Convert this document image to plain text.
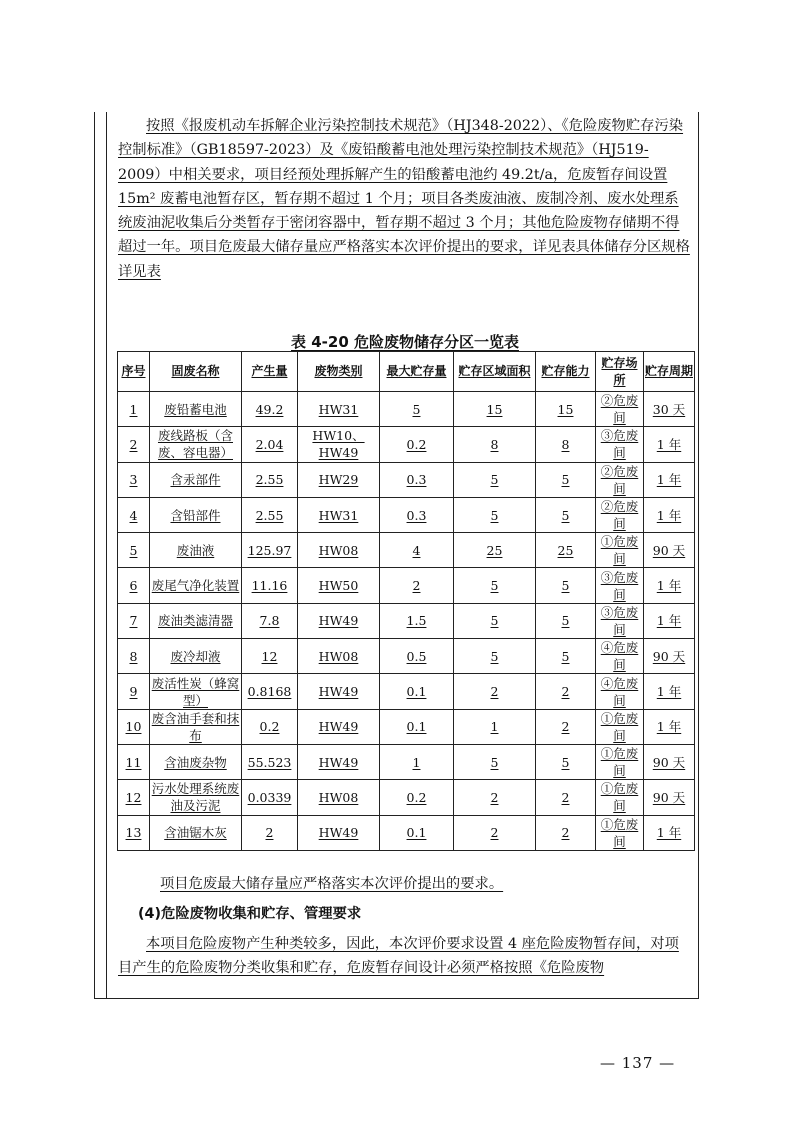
按照《报废机动车拆解企业污染控制技术规范》（HJ348-2022）、《危险废物贮存污染控制标准》（GB18597-2023）及《废铅酸蓄电池处理污染控制技术规范》（HJ519-2009）中相关要求，项目经预处理拆解产生的铅酸蓄电池约 49.2t/a，危废暂存间设置 15m² 废蓄电池暂存区，暂存期不超过 1 个月；项目各类废油液、废制冷剂、废水处理系统废油泥收集后分类暂存于密闭容器中，暂存期不超过 3 个月；其他危险废物存储期不得超过一年。项目危废最大储存量应严格落实本次评价提出的要求，详见表具体储存分区规格详见表

表 4-20 危险废物储存分区一览表
序号	固废名称	产生量	废物类别	最大贮存量	贮存区域面积	贮存能力	贮存场所	贮存周期
1	废铅蓄电池	49.2	HW31	5	15	15	②危废间	30 天
2	废线路板（含废、容电器）	2.04	HW10、HW49	0.2	8	8	③危废间	1 年
3	含汞部件	2.55	HW29	0.3	5	5	②危废间	1 年
4	含铅部件	2.55	HW31	0.3	5	5	②危废间	1 年
5	废油液	125.97	HW08	4	25	25	①危废间	90 天
6	废尾气净化装置	11.16	HW50	2	5	5	③危废间	1 年
7	废油类滤清器	7.8	HW49	1.5	5	5	③危废间	1 年
8	废冷却液	12	HW08	0.5	5	5	④危废间	90 天
9	废活性炭（蜂窝型）	0.8168	HW49	0.1	2	2	④危废间	1 年
10	废含油手套和抹布	0.2	HW49	0.1	1	2	①危废间	1 年
11	含油废杂物	55.523	HW49	1	5	5	①危废间	90 天
12	污水处理系统废油及污泥	0.0339	HW08	0.2	2	2	①危废间	90 天
13	含油锯木灰	2	HW49	0.1	2	2	①危废间	1 年
项目危废最大储存量应严格落实本次评价提出的要求。
(4)危险废物收集和贮存、管理要求

本项目危险废物产生种类较多，因此，本次评价要求设置 4 座危险废物暂存间，对项目产生的危险废物分类收集和贮存，危废暂存间设计必须严格按照《危险废物

— 137 —
